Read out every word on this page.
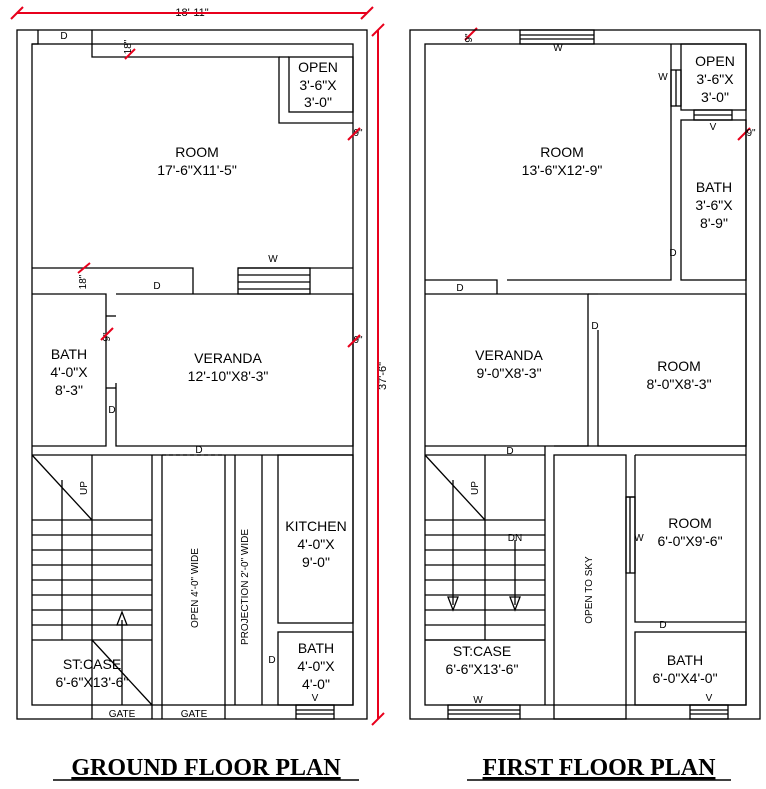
18'-11"
37'-6"
ROOM
17'-6"X11'-5"
OPEN
3'-6"X
3'-0"
BATH
4'-0"X
8'-3"
VERANDA
12'-10"X8'-3"
KITCHEN
4'-0"X
9'-0"
BATH
4'-0"X
4'-0"
ST:CASE
6'-6"X13'-6"
OPEN 4'-0" WIDE	PROJECTION 2'-0" WIDE
GATE	GATE
UP
D
D
D
D
D
W
V
18"
18"
9"
9"	9"
ROOM
13'-6"X12'-9"
OPEN
3'-6"X
3'-0"
BATH
3'-6"X
8'-9"
VERANDA
9'-0"X8'-3"	ROOM
8'-0"X8'-3"
ROOM
6'-0"X9'-6"
OPEN TO SKY
BATH
6'-0"X4'-0"
ST:CASE
6'-6"X13'-6"
UP
DN
W
W
V
D
D
D
D
W
D
V
W
9"
9"
GROUND FLOOR PLAN	FIRST FLOOR PLAN
